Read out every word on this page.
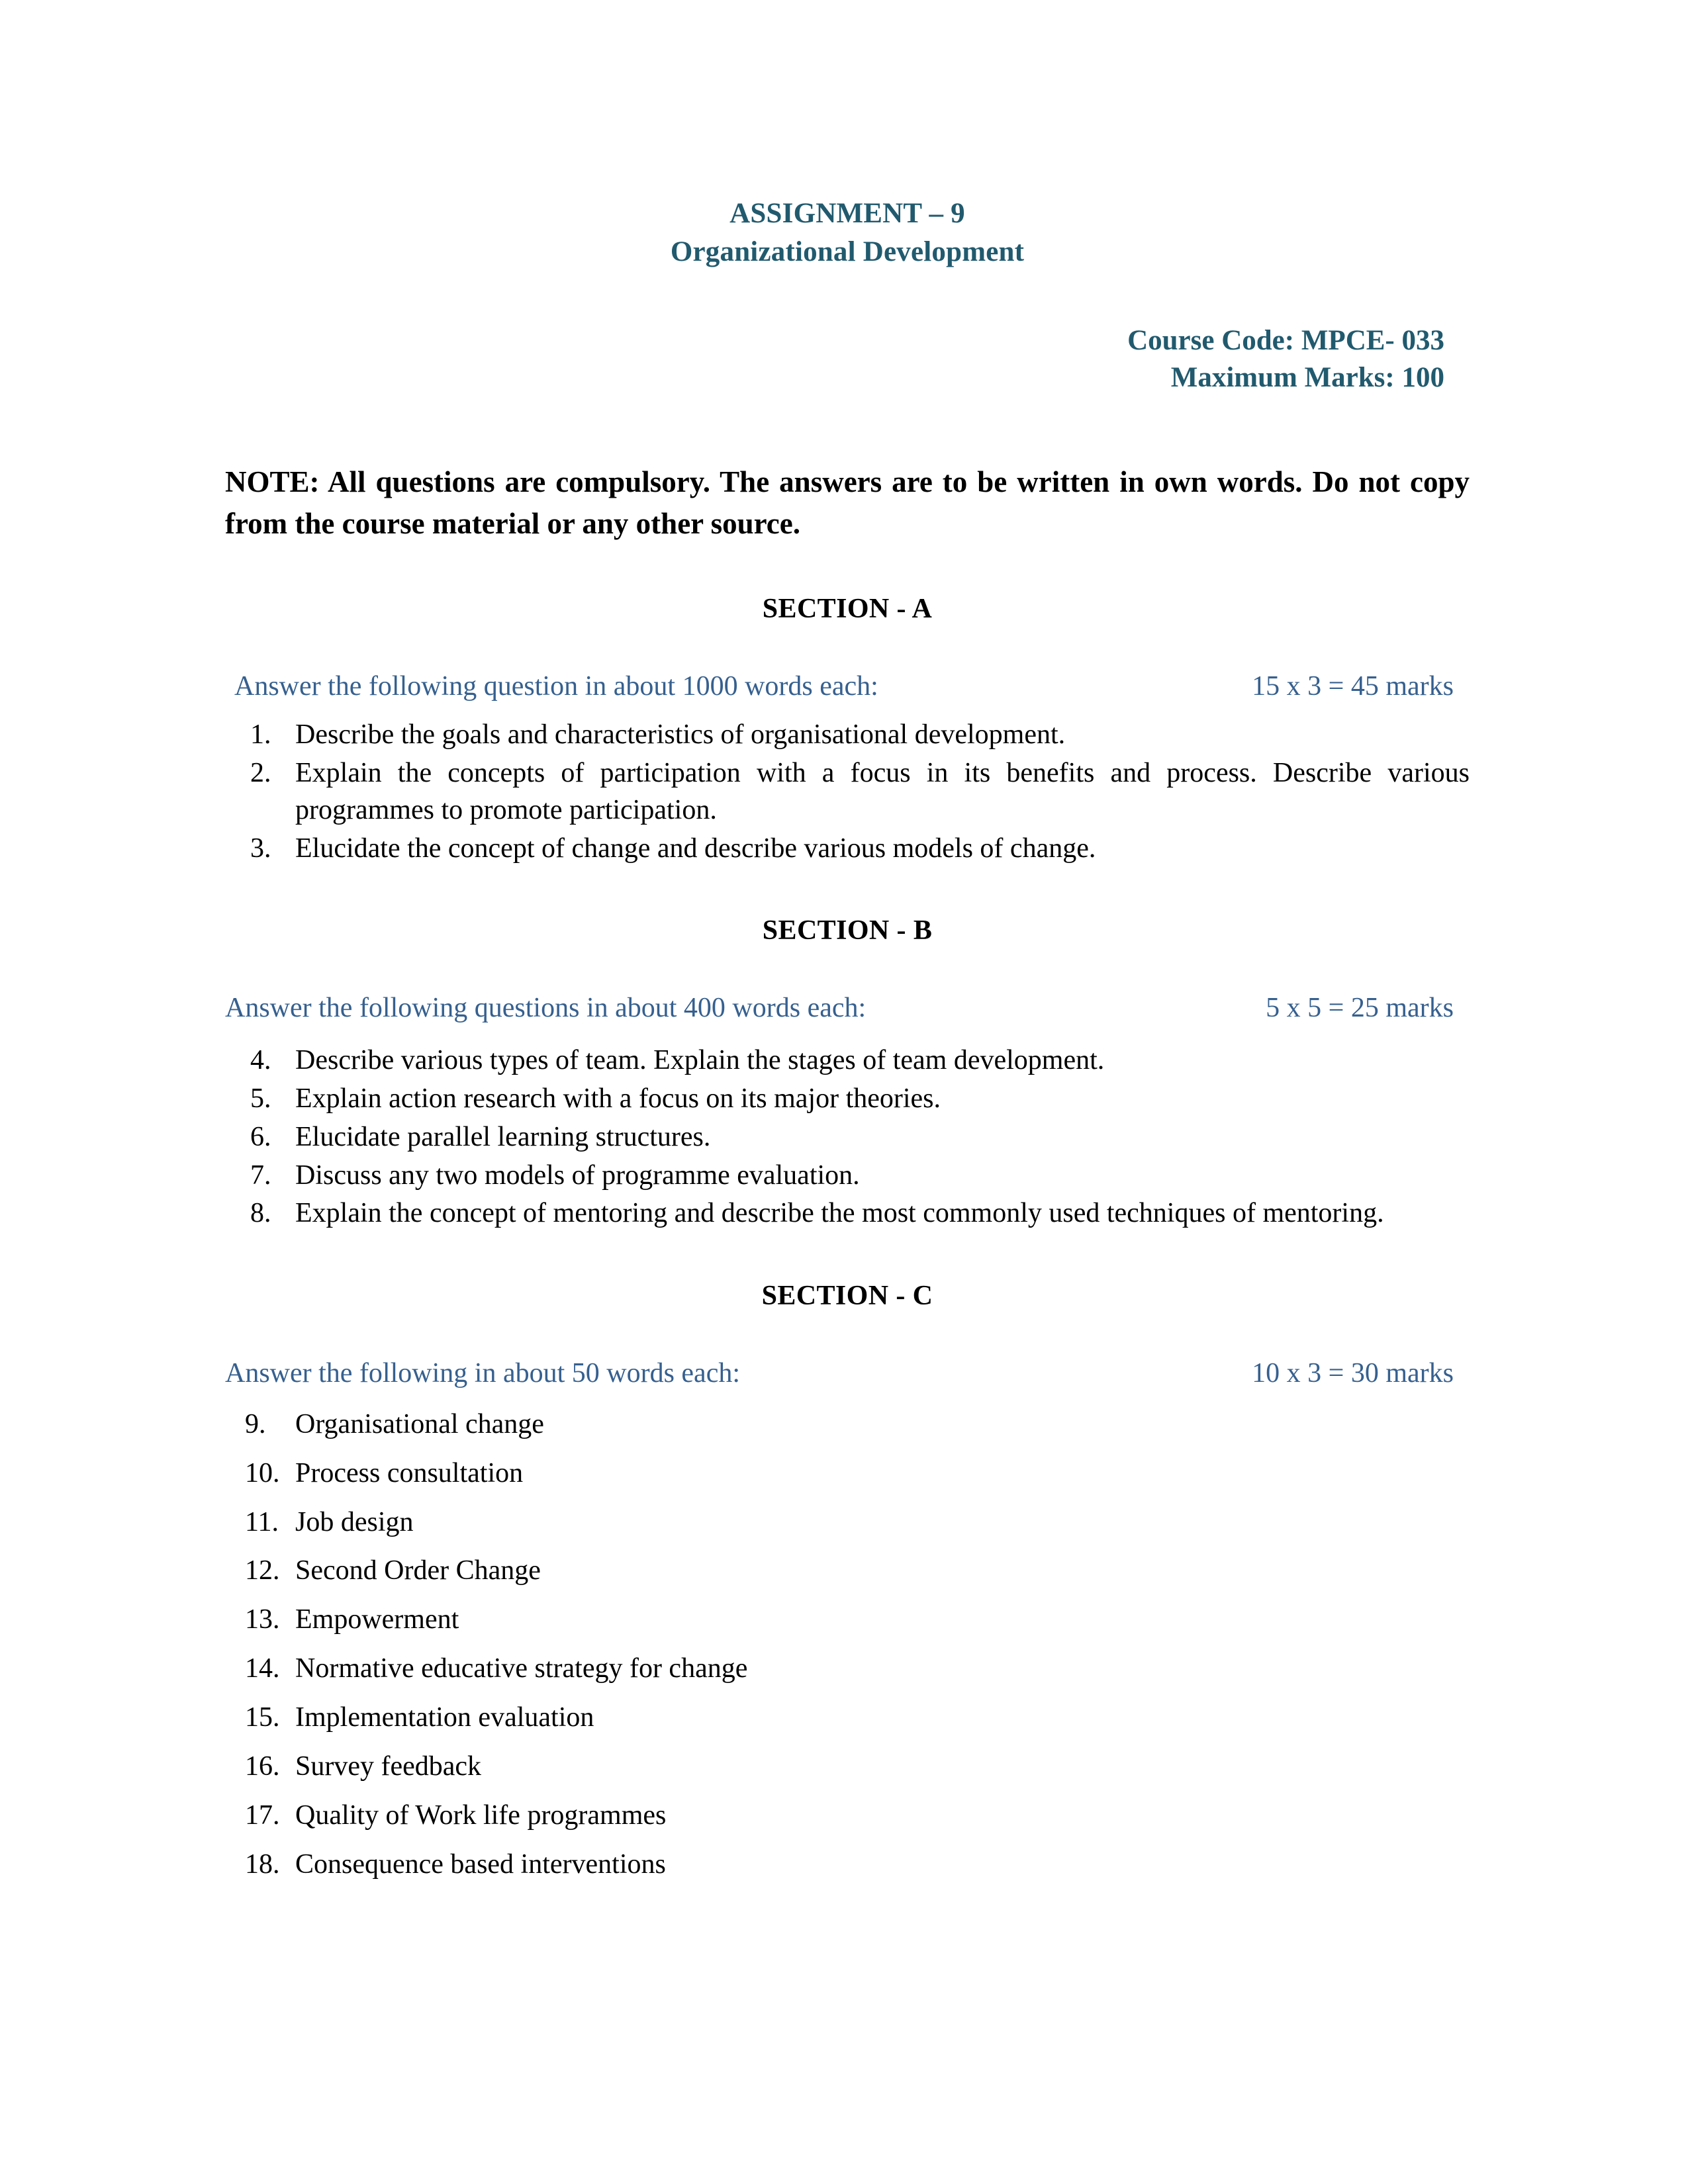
ASSIGNMENT – 9
Organizational Development
Course Code: MPCE- 033
Maximum Marks: 100
NOTE: All questions are compulsory. The answers are to be written in own words. Do not copy from the course material or any other source.
SECTION - A
Answer the following question in about 1000 words each:	15 x 3 = 45 marks
1. Describe the goals and characteristics of organisational development.
2. Explain the concepts of participation with a focus in its benefits and process. Describe various programmes to promote participation.
3. Elucidate the concept of change and describe various models of change.
SECTION - B
Answer the following questions in about 400 words each:	5 x 5 = 25 marks
4. Describe various types of team. Explain the stages of team development.
5. Explain action research with a focus on its major theories.
6. Elucidate parallel learning structures.
7. Discuss any two models of programme evaluation.
8. Explain the concept of mentoring and describe the most commonly used techniques of mentoring.
SECTION - C
Answer the following in about 50 words each:	10 x 3 = 30 marks
9.	Organisational change
10. Process consultation
11. Job design
12. Second Order Change
13. Empowerment
14. Normative educative strategy for change
15. Implementation evaluation
16. Survey feedback
17. Quality of Work life programmes
18. Consequence based interventions
